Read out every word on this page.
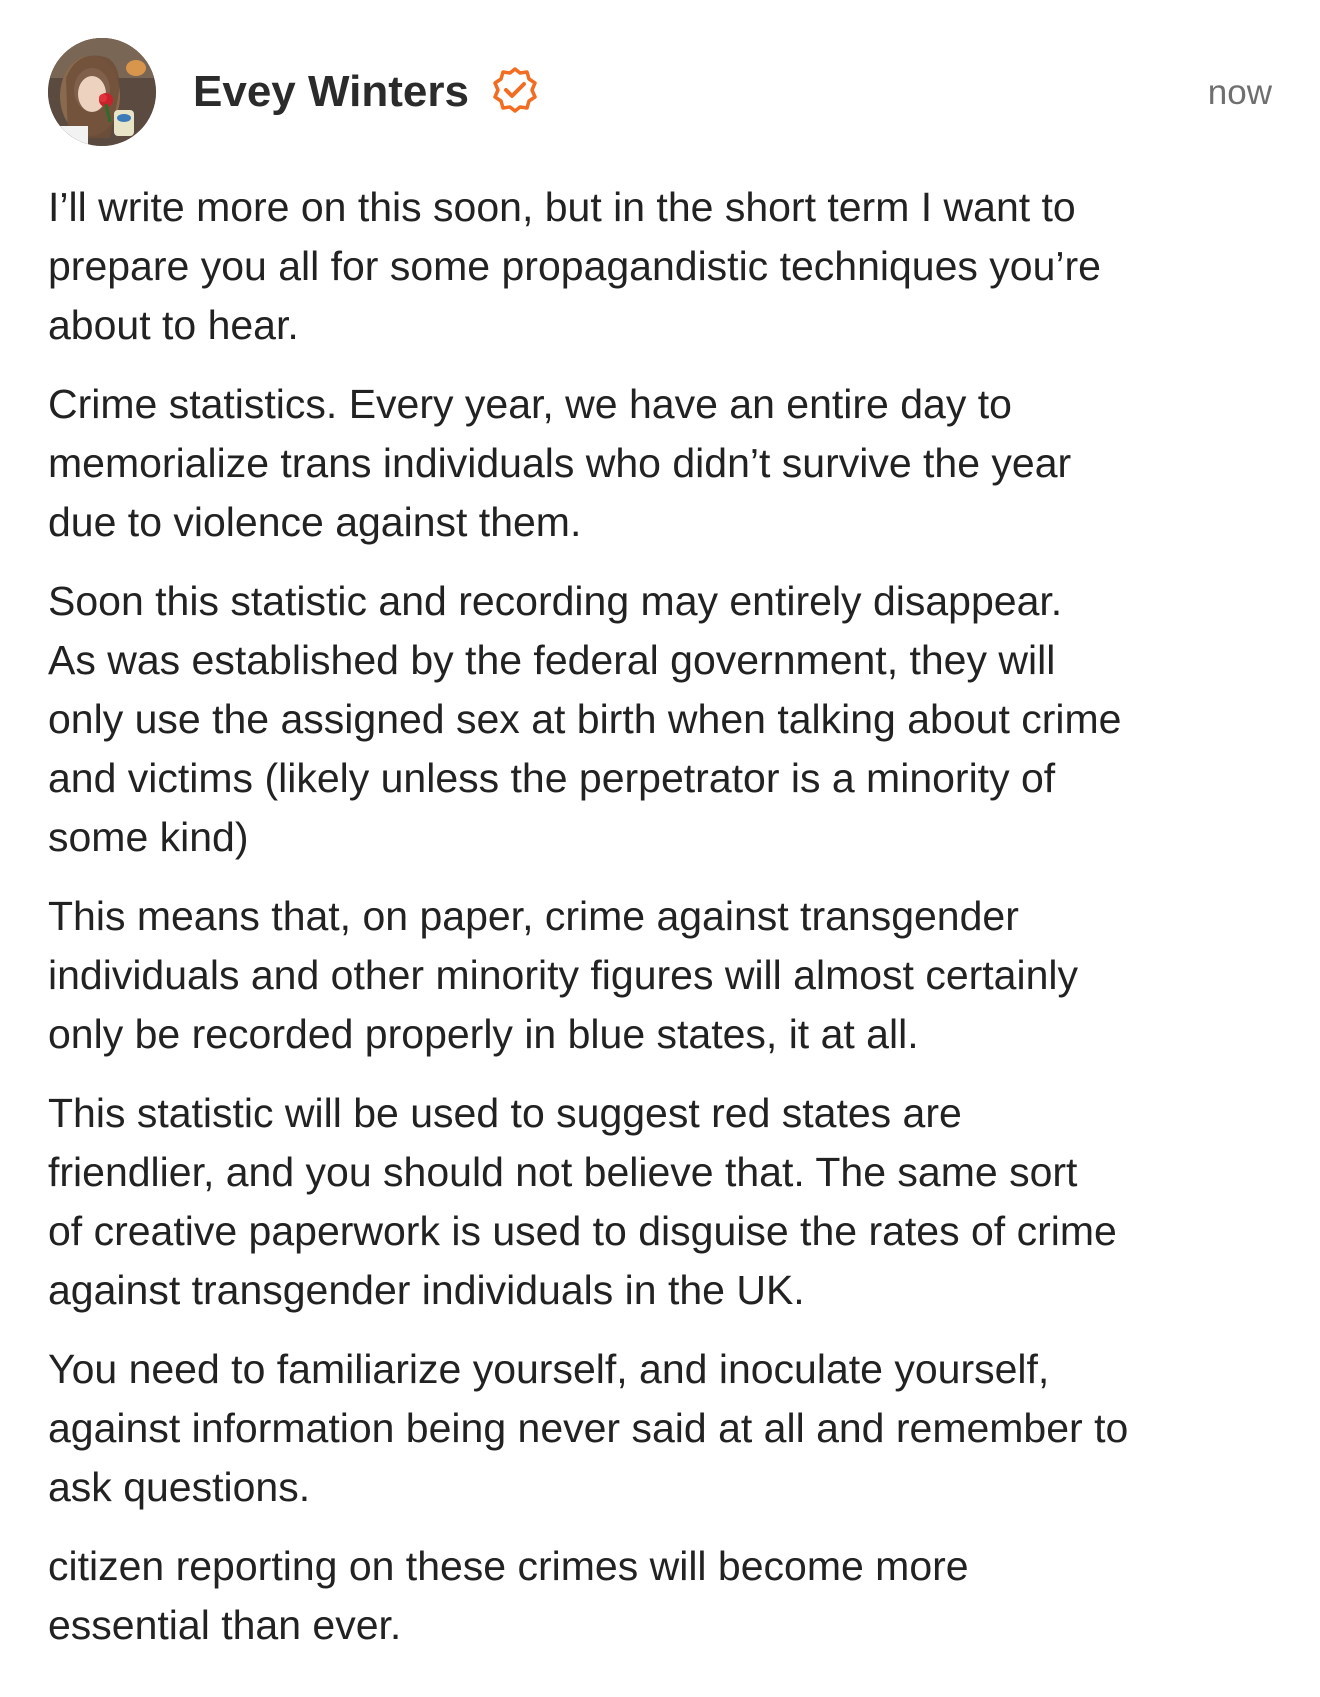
Evey Winters	now

I’ll write more on this soon, but in the short term I want to
prepare you all for some propagandistic techniques you’re
about to hear.

Crime statistics. Every year, we have an entire day to
memorialize trans individuals who didn’t survive the year
due to violence against them.

Soon this statistic and recording may entirely disappear.
As was established by the federal government, they will
only use the assigned sex at birth when talking about crime
and victims (likely unless the perpetrator is a minority of
some kind)

This means that, on paper, crime against transgender
individuals and other minority figures will almost certainly
only be recorded properly in blue states, it at all.

This statistic will be used to suggest red states are
friendlier, and you should not believe that. The same sort
of creative paperwork is used to disguise the rates of crime
against transgender individuals in the UK.

You need to familiarize yourself, and inoculate yourself,
against information being never said at all and remember to
ask questions.

citizen reporting on these crimes will become more
essential than ever.
